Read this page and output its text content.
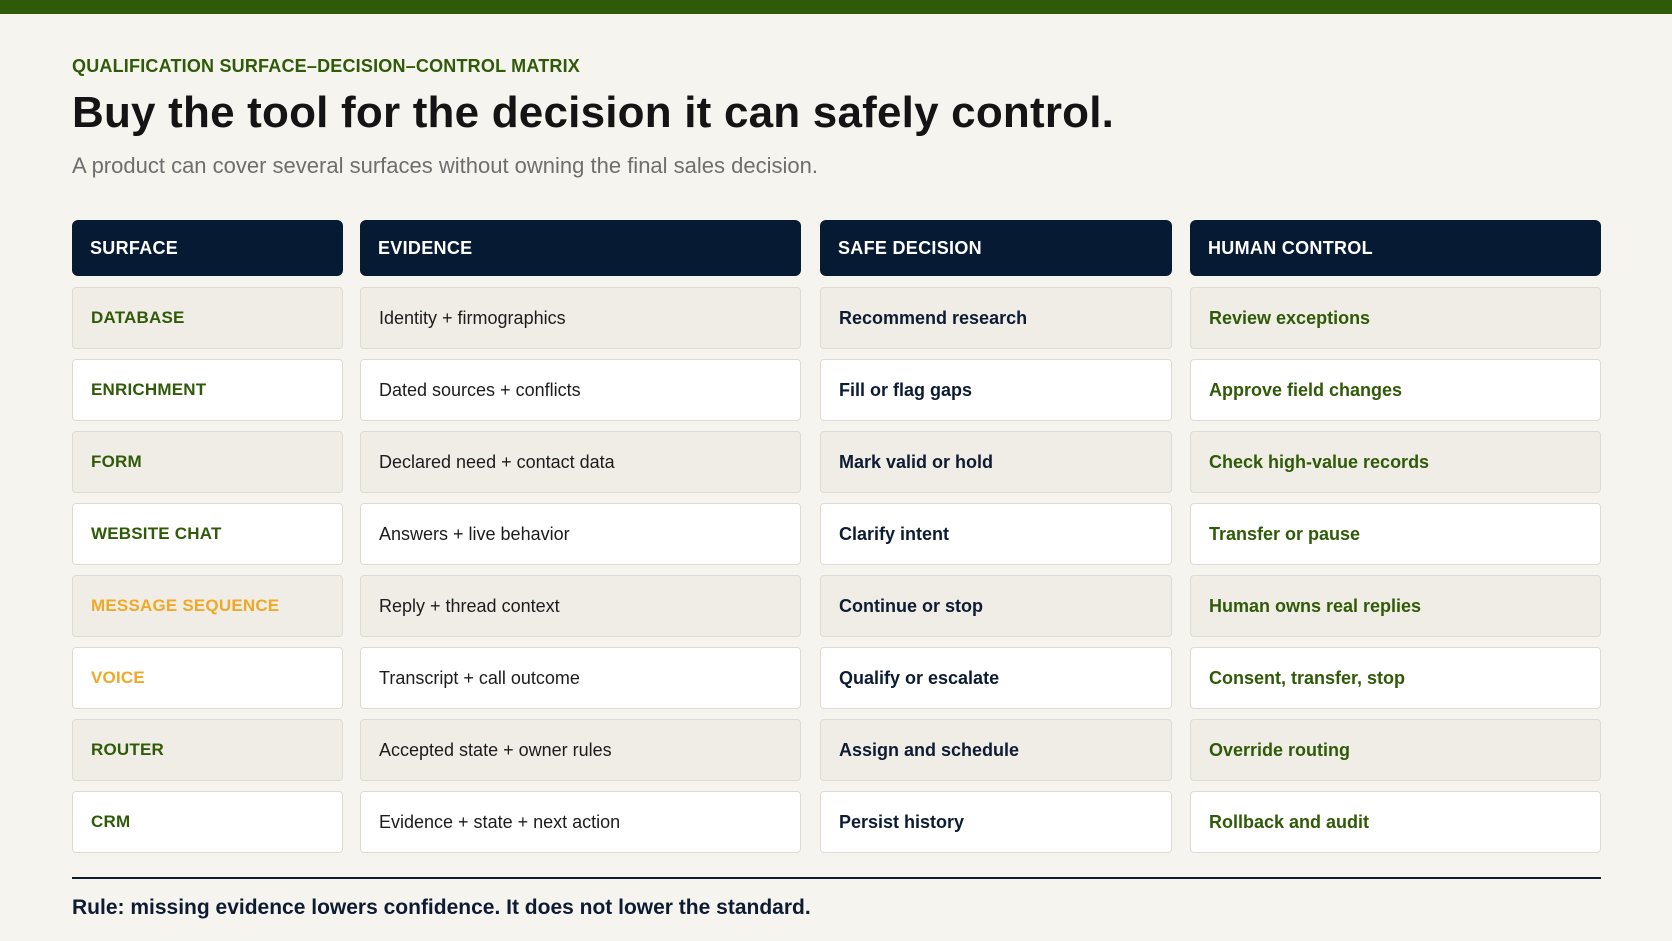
QUALIFICATION SURFACE–DECISION–CONTROL MATRIX
Buy the tool for the decision it can safely control.
A product can cover several surfaces without owning the final sales decision.
SURFACE	EVIDENCE	SAFE DECISION	HUMAN CONTROL
DATABASE	Identity + firmographics	Recommend research	Review exceptions
ENRICHMENT	Dated sources + conflicts	Fill or flag gaps	Approve field changes
FORM	Declared need + contact data	Mark valid or hold	Check high-value records
WEBSITE CHAT	Answers + live behavior	Clarify intent	Transfer or pause
MESSAGE SEQUENCE	Reply + thread context	Continue or stop	Human owns real replies
VOICE	Transcript + call outcome	Qualify or escalate	Consent, transfer, stop
ROUTER	Accepted state + owner rules	Assign and schedule	Override routing
CRM	Evidence + state + next action	Persist history	Rollback and audit
Rule: missing evidence lowers confidence. It does not lower the standard.
